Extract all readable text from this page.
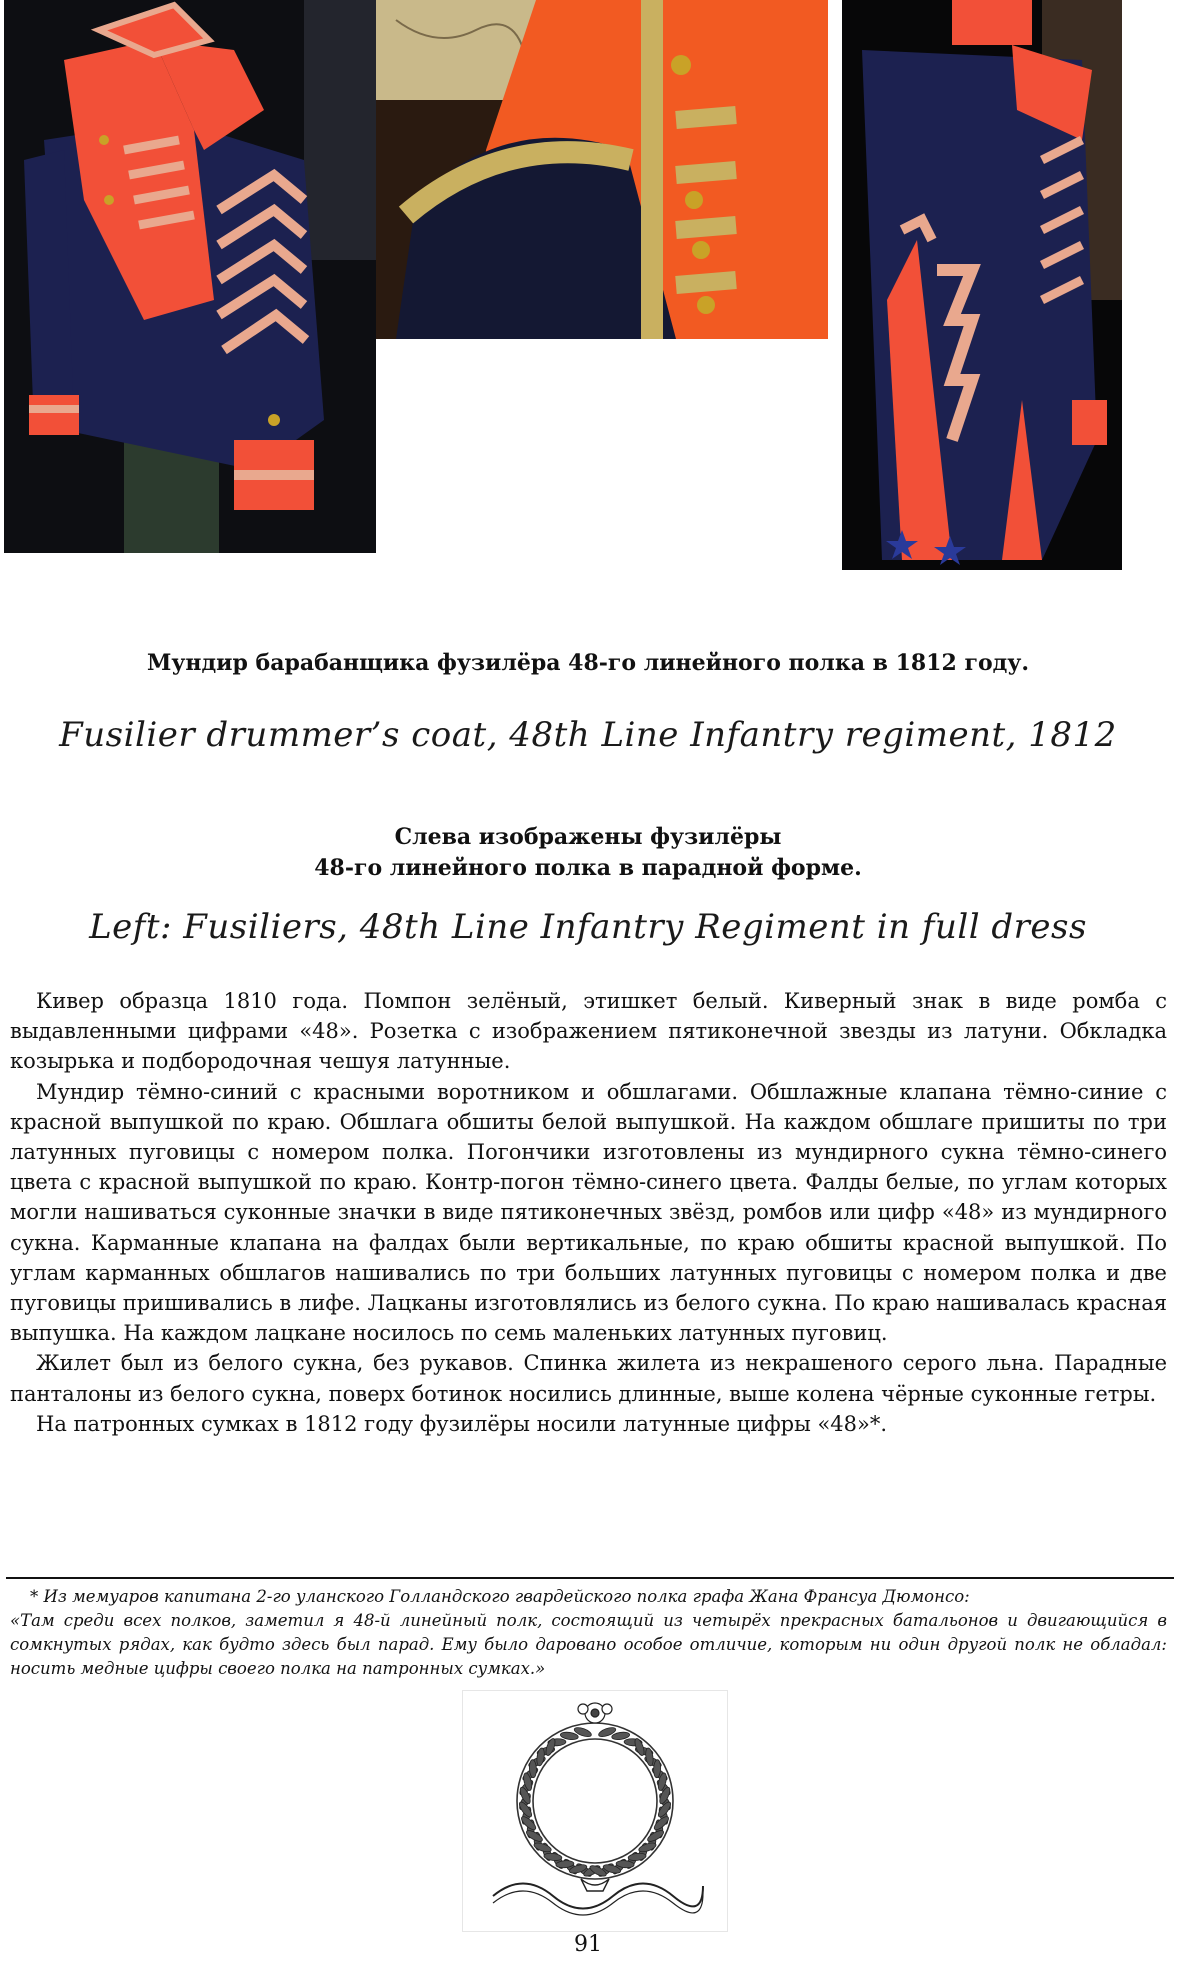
Мундир барабанщика фузилёра 48-го линейного полка в 1812 году.
Fusilier drummer’s coat, 48th Line Infantry regiment, 1812
Слева изображены фузилёры
48-го линейного полка в парадной форме.
Left: Fusiliers, 48th Line Infantry Regiment in full dress

Кивер образца 1810 года. Помпон зелёный, этишкет белый. Киверный знак в виде ромба с выдавленными цифрами «48». Розетка с изображением пятиконечной звезды из латуни. Обкладка козырька и подбородочная чешуя латунные.

Мундир тёмно-синий с красными воротником и обшлагами. Обшлажные клапана тёмно-синие с красной выпушкой по краю. Обшлага обшиты белой выпушкой. На каждом обшлаге пришиты по три латунных пуговицы с номером полка. Погончики изготовлены из мундирного сукна тёмно-синего цвета с красной выпушкой по краю. Контр-погон тёмно-синего цвета. Фалды белые, по углам которых могли нашиваться суконные значки в виде пятиконечных звёзд, ромбов или цифр «48» из мундирного сукна. Карманные клапана на фалдах были вертикальные, по краю обшиты красной выпушкой. По углам карманных обшлагов нашивались по три больших латунных пуговицы с номером полка и две пуговицы пришивались в лифе. Лацканы изготовлялись из белого сукна. По краю нашивалась красная выпушка. На каждом лацкане носилось по семь маленьких латунных пуговиц.

Жилет был из белого сукна, без рукавов. Спинка жилета из некрашеного серого льна. Парадные панталоны из белого сукна, поверх ботинок носились длинные, выше колена чёрные суконные гетры.

На патронных сумках в 1812 году фузилёры носили латунные цифры «48»*.

* Из мемуаров капитана 2-го уланского Голландского гвардейского полка графа Жана Франсуа Дюмонсо:

«Там среди всех полков, заметил я 48-й линейный полк, состоящий из четырёх прекрасных батальонов и двигающийся в сомкнутых рядах, как будто здесь был парад. Ему было даровано особое отличие, которым ни один другой полк не обладал: носить медные цифры своего полка на патронных сумках.»

91
